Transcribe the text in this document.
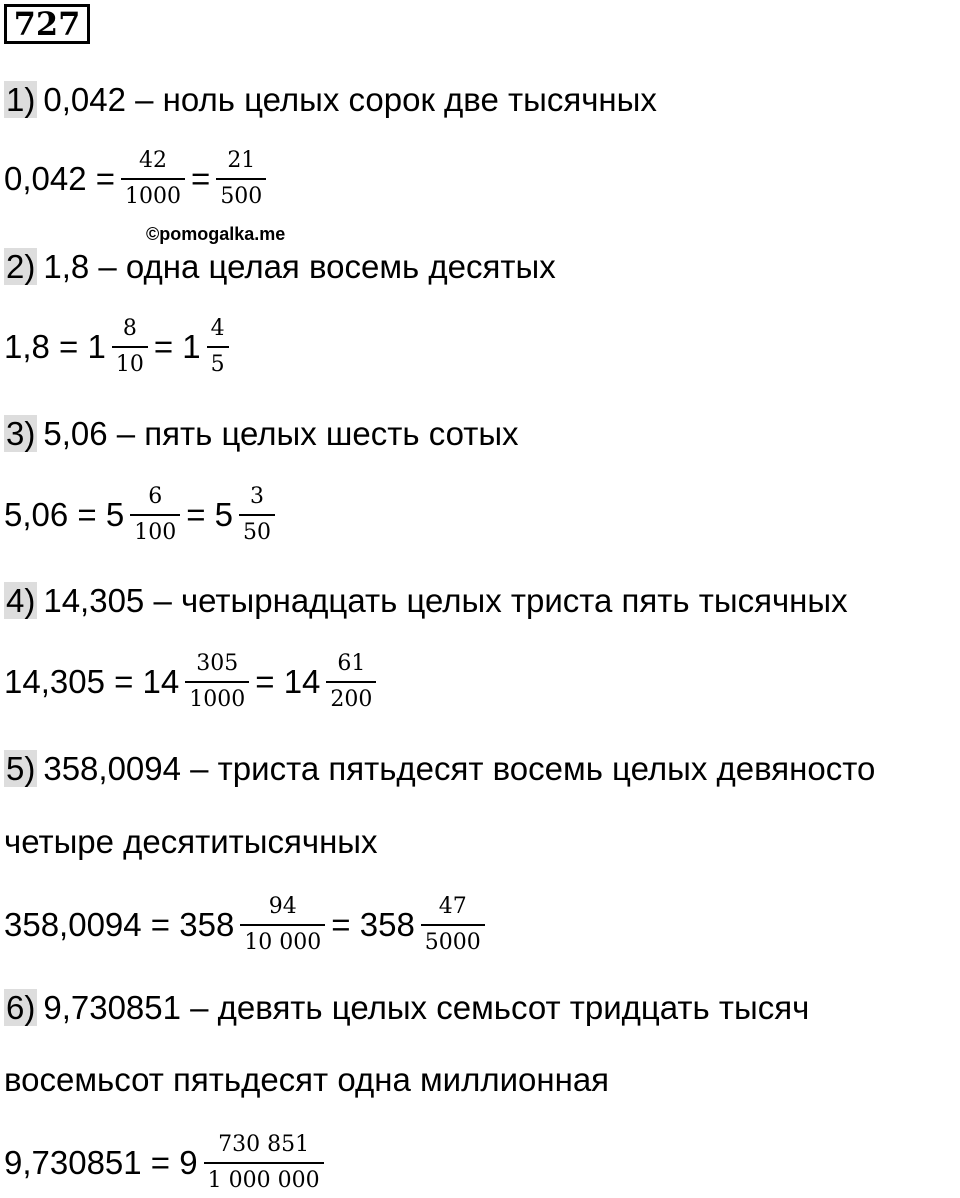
727
1) 0,042 – ноль целых сорок две тысячных
$0,042 = \frac{42}{1000} = \frac{21}{500}$
©pomogalka.me
2) 1,8 – одна целая восемь десятых
$1,8 = 1 \frac{8}{10} = 1 \frac{4}{5}$
3) 5,06 – пять целых шесть сотых
$5,06 = 5 \frac{6}{100} = 5 \frac{3}{50}$
4) 14,305 – четырнадцать целых триста пять тысячных
$14,305 = 14 \frac{305}{1000} = 14 \frac{61}{200}$
5) 358,0094 – триста пятьдесят восемь целых девяносто
четыре десятитысячных
$358,0094 = 358 \frac{94}{10 000} = 358 \frac{47}{5000}$
6) 9,730851 – девять целых семьсот тридцать тысяч
восемьсот пятьдесят одна миллионная
$9,730851 = 9 \frac{730 851}{1 000 000}$
